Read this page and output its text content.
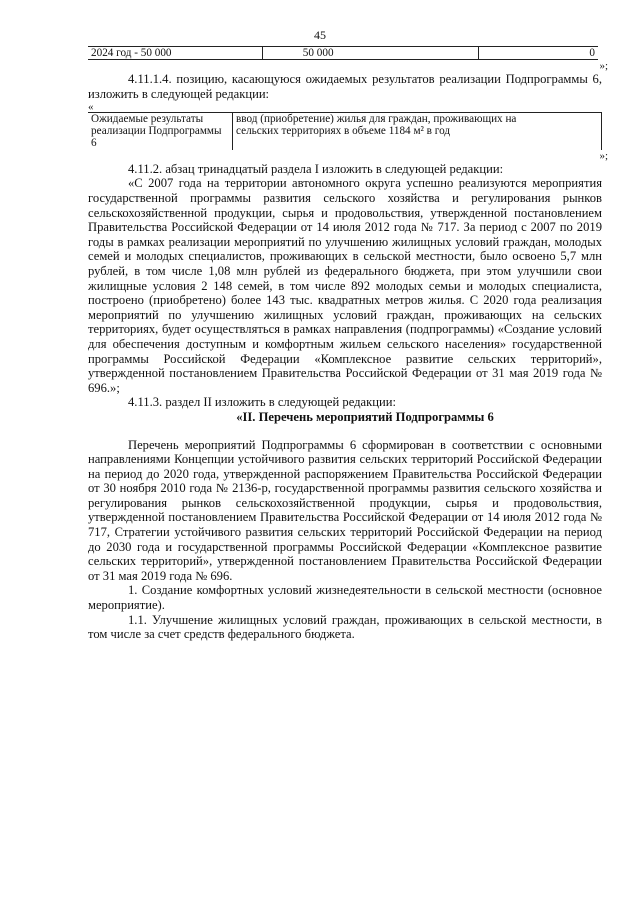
45
2024 год - 50 000	50 000	0
»;
4.11.1.4. позицию, касающуюся ожидаемых результатов реализации Подпрограммы 6, изложить в следующей редакции:
«
Ожидаемые результаты реализации Подпрограммы 6	ввод (приобретение) жилья для граждан, проживающих на сельских территориях в объеме 1184 м² в год
»;
4.11.2. абзац тринадцатый раздела I изложить в следующей редакции:
«С 2007 года на территории автономного округа успешно реализуются мероприятия государственной программы развития сельского хозяйства и регулирования рынков сельскохозяйственной продукции, сырья и продовольствия, утвержденной постановлением Правительства Российской Федерации от 14 июля 2012 года № 717. За период с 2007 по 2019 годы в рамках реализации мероприятий по улучшению жилищных условий граждан, молодых семей и молодых специалистов, проживающих в сельской местности, было освоено 5,7 млн рублей, в том числе 1,08 млн рублей из федерального бюджета, при этом улучшили свои жилищные условия 2 148 семей, в том числе 892 молодых семьи и молодых специалиста, построено (приобретено) более 143 тыс. квадратных метров жилья. С 2020 года реализация мероприятий по улучшению жилищных условий граждан, проживающих на сельских территориях, будет осуществляться в рамках направления (подпрограммы) «Создание условий для обеспечения доступным и комфортным жильем сельского населения» государственной программы Российской Федерации «Комплексное развитие сельских территорий», утвержденной постановлением Правительства Российской Федерации от 31 мая 2019 года № 696.»;
4.11.3. раздел II изложить в следующей редакции:
«II. Перечень мероприятий Подпрограммы 6
Перечень мероприятий Подпрограммы 6 сформирован в соответствии с основными направлениями Концепции устойчивого развития сельских территорий Российской Федерации на период до 2020 года, утвержденной распоряжением Правительства Российской Федерации от 30 ноября 2010 года № 2136-р, государственной программы развития сельского хозяйства и регулирования рынков сельскохозяйственной продукции, сырья и продовольствия, утвержденной постановлением Правительства Российской Федерации от 14 июля 2012 года № 717, Стратегии устойчивого развития сельских территорий Российской Федерации на период до 2030 года и государственной программы Российской Федерации «Комплексное развитие сельских территорий», утвержденной постановлением Правительства Российской Федерации от 31 мая 2019 года № 696.
1. Создание комфортных условий жизнедеятельности в сельской местности (основное мероприятие).
1.1. Улучшение жилищных условий граждан, проживающих в сельской местности, в том числе за счет средств федерального бюджета.
